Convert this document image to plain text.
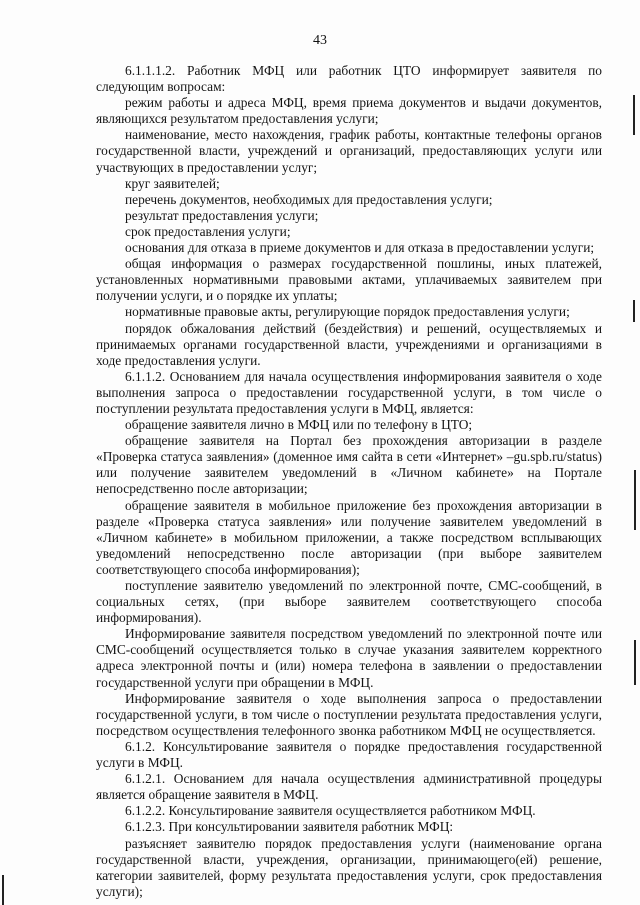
43

6.1.1.1.2. Работник МФЦ или работник ЦТО информирует заявителя по следующим вопросам:

режим работы и адреса МФЦ, время приема документов и выдачи документов, являющихся результатом предоставления услуги;

наименование, место нахождения, график работы, контактные телефоны органов государственной власти, учреждений и организаций, предоставляющих услуги или участвующих в предоставлении услуг;

круг заявителей;

перечень документов, необходимых для предоставления услуги;

результат предоставления услуги;

срок предоставления услуги;

основания для отказа в приеме документов и для отказа в предоставлении услуги;

общая информация о размерах государственной пошлины, иных платежей, установленных нормативными правовыми актами, уплачиваемых заявителем при получении услуги, и о порядке их уплаты;

нормативные правовые акты, регулирующие порядок предоставления услуги;

порядок обжалования действий (бездействия) и решений, осуществляемых и принимаемых органами государственной власти, учреждениями и организациями в ходе предоставления услуги.

6.1.1.2. Основанием для начала осуществления информирования заявителя о ходе выполнения запроса о предоставлении государственной услуги, в том числе о поступлении результата предоставления услуги в МФЦ, является:

обращение заявителя лично в МФЦ или по телефону в ЦТО;

обращение заявителя на Портал без прохождения авторизации в разделе «Проверка статуса заявления» (доменное имя сайта в сети «Интернет» –gu.spb.ru/status) или получение заявителем уведомлений в «Личном кабинете» на Портале непосредственно после авторизации;

обращение заявителя в мобильное приложение без прохождения авторизации в разделе «Проверка статуса заявления» или получение заявителем уведомлений в «Личном кабинете» в мобильном приложении, а также посредством всплывающих уведомлений непосредственно после авторизации (при выборе заявителем соответствующего способа информирования);

поступление заявителю уведомлений по электронной почте, СМС-сообщений, в социальных сетях, (при выборе заявителем соответствующего способа информирования).

Информирование заявителя посредством уведомлений по электронной почте или СМС-сообщений осуществляется только в случае указания заявителем корректного адреса электронной почты и (или) номера телефона в заявлении о предоставлении государственной услуги при обращении в МФЦ.

Информирование заявителя о ходе выполнения запроса о предоставлении государственной услуги, в том числе о поступлении результата предоставления услуги, посредством осуществления телефонного звонка работником МФЦ не осуществляется.

6.1.2. Консультирование заявителя о порядке предоставления государственной услуги в МФЦ.

6.1.2.1. Основанием для начала осуществления административной процедуры является обращение заявителя в МФЦ.

6.1.2.2. Консультирование заявителя осуществляется работником МФЦ.

6.1.2.3. При консультировании заявителя работник МФЦ:

разъясняет заявителю порядок предоставления услуги (наименование органа государственной власти, учреждения, организации, принимающего(ей) решение, категории заявителей, форму результата предоставления услуги, срок предоставления услуги);
